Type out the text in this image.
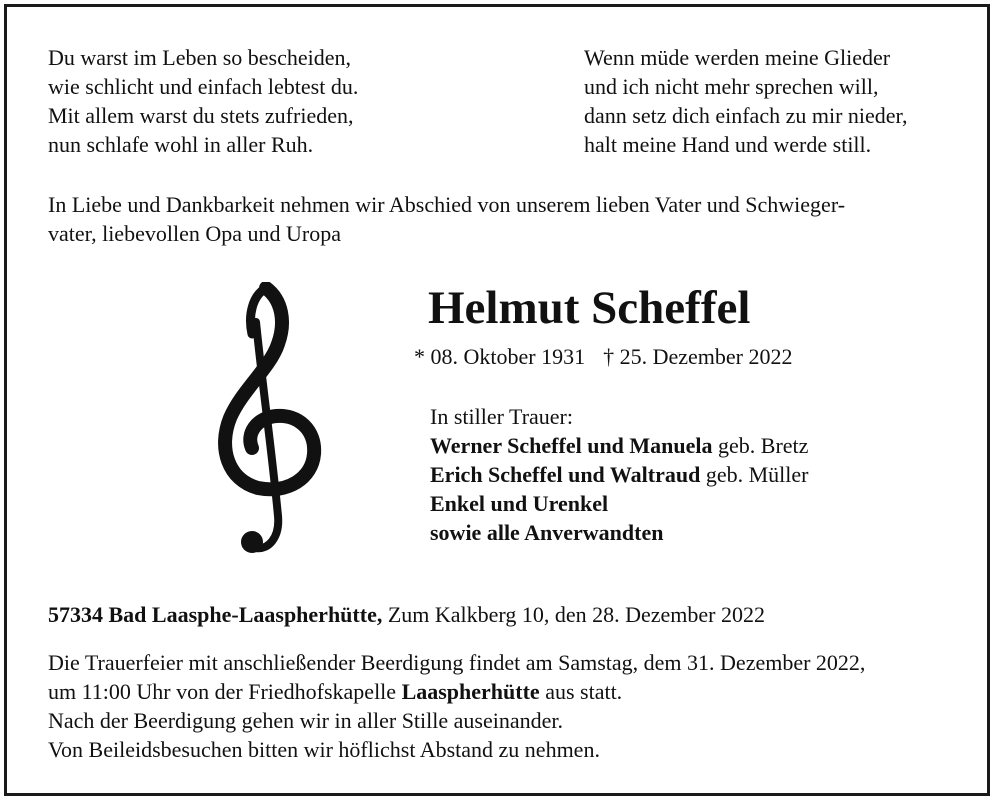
Du warst im Leben so bescheiden,
wie schlicht und einfach lebtest du.
Mit allem warst du stets zufrieden,
nun schlafe wohl in aller Ruh.
Wenn müde werden meine Glieder
und ich nicht mehr sprechen will,
dann setz dich einfach zu mir nieder,
halt meine Hand und werde still.
In Liebe und Dankbarkeit nehmen wir Abschied von unserem lieben Vater und Schwieger-
vater, liebevollen Opa und Uropa
Helmut Scheffel
* 08. Oktober 1931 † 25. Dezember 2022
In stiller Trauer:
Werner Scheffel und Manuela geb. Bretz
Erich Scheffel und Waltraud geb. Müller
Enkel und Urenkel
sowie alle Anverwandten
57334 Bad Laasphe-Laaspherhütte, Zum Kalkberg 10, den 28. Dezember 2022
Die Trauerfeier mit anschließender Beerdigung findet am Samstag, dem 31. Dezember 2022,
um 11:00 Uhr von der Friedhofskapelle Laaspherhütte aus statt.
Nach der Beerdigung gehen wir in aller Stille auseinander.
Von Beileidsbesuchen bitten wir höflichst Abstand zu nehmen.
